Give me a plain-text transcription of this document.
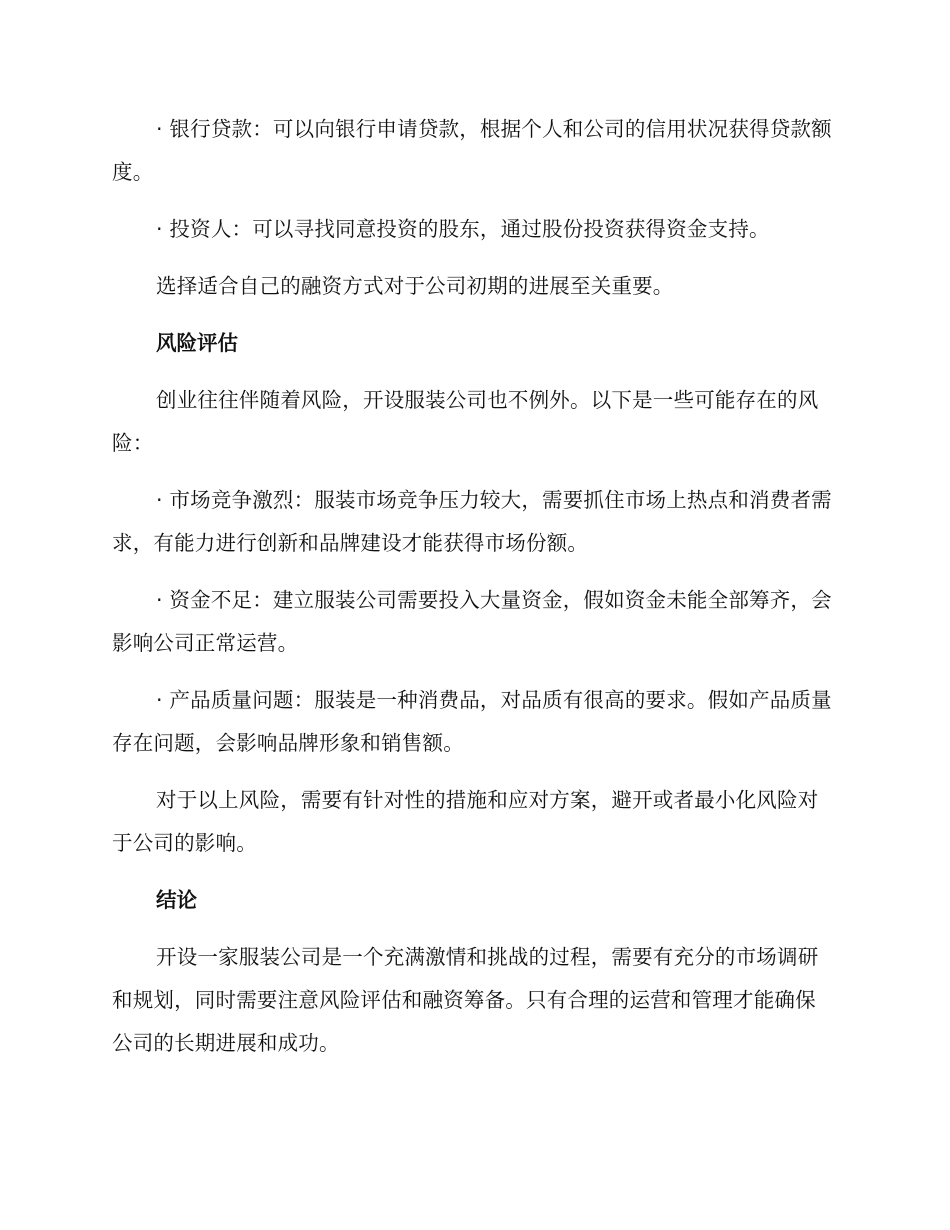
· 银行贷款：可以向银行申请贷款，根据个人和公司的信用状况获得贷款额度。

· 投资人：可以寻找同意投资的股东，通过股份投资获得资金支持。

选择适合自己的融资方式对于公司初期的进展至关重要。

风险评估

创业往往伴随着风险，开设服装公司也不例外。以下是一些可能存在的风险：

· 市场竞争激烈：服装市场竞争压力较大，需要抓住市场上热点和消费者需求，有能力进行创新和品牌建设才能获得市场份额。

· 资金不足：建立服装公司需要投入大量资金，假如资金未能全部筹齐，会影响公司正常运营。

· 产品质量问题：服装是一种消费品，对品质有很高的要求。假如产品质量存在问题，会影响品牌形象和销售额。

对于以上风险，需要有针对性的措施和应对方案，避开或者最小化风险对于公司的影响。

结论

开设一家服装公司是一个充满激情和挑战的过程，需要有充分的市场调研和规划，同时需要注意风险评估和融资筹备。只有合理的运营和管理才能确保公司的长期进展和成功。
